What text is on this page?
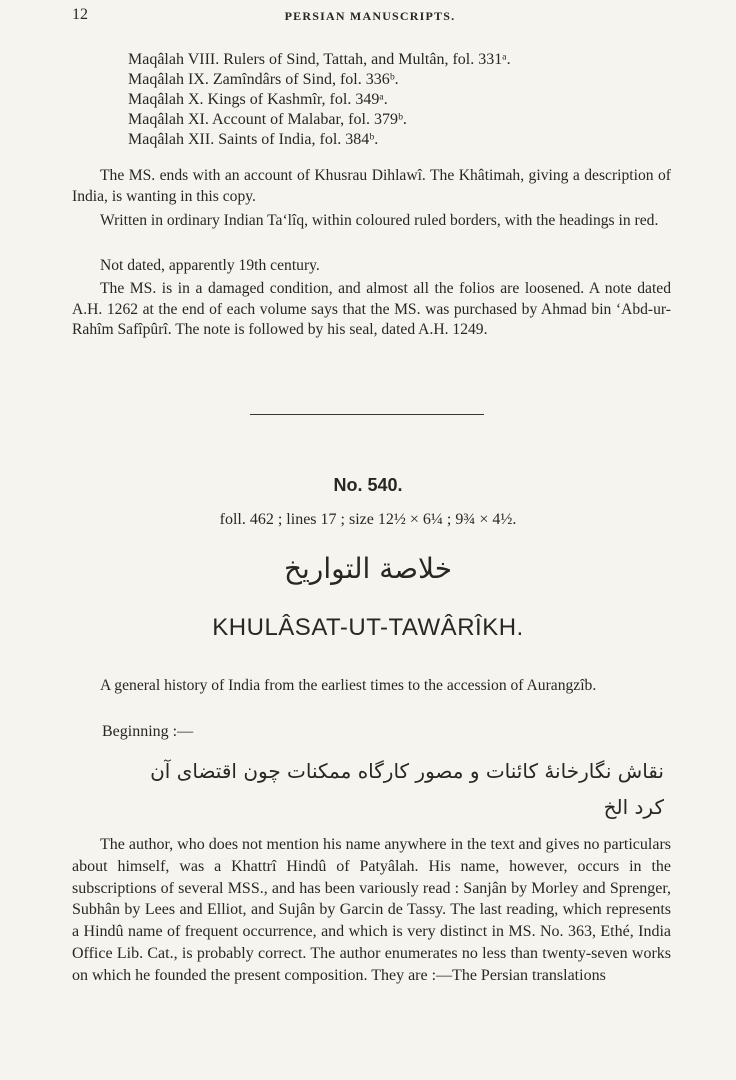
12	PERSIAN MANUSCRIPTS.
Maqâlah VIII. Rulers of Sind, Tattah, and Multân, fol. 331ᵃ.
Maqâlah IX. Zamîndârs of Sind, fol. 336ᵇ.
Maqâlah X. Kings of Kashmîr, fol. 349ᵃ.
Maqâlah XI. Account of Malabar, fol. 379ᵇ.
Maqâlah XII. Saints of India, fol. 384ᵇ.

The MS. ends with an account of Khusrau Dihlawî. The Khâtimah, giving a description of India, is wanting in this copy.

Written in ordinary Indian Ta‘lîq, within coloured ruled borders, with the headings in red.

Not dated, apparently 19th century.

The MS. is in a damaged condition, and almost all the folios are loosened. A note dated A.H. 1262 at the end of each volume says that the MS. was purchased by Ahmad bin ‘Abd-ur-Rahîm Safîpûrî. The note is followed by his seal, dated A.H. 1249.

No. 540.
foll. 462 ; lines 17 ; size 12½ × 6¼ ; 9¾ × 4½.
خلاصة التواريخ
KHULÂSAT-UT-TAWÂRÎKH.

A general history of India from the earliest times to the accession of Aurangzîb.

Beginning :—
نقاش نگارخانهٔ کائنات و مصور کارگاه ممکنات چون اقتضای آن
کرد الخ

The author, who does not mention his name anywhere in the text and gives no particulars about himself, was a Khattrî Hindû of Patyâlah. His name, however, occurs in the subscriptions of several MSS., and has been variously read : Sanjân by Morley and Sprenger, Subhân by Lees and Elliot, and Sujân by Garcin de Tassy. The last reading, which represents a Hindû name of frequent occurrence, and which is very distinct in MS. No. 363, Ethé, India Office Lib. Cat., is probably correct. The author enumerates no less than twenty-seven works on which he founded the present composition. They are :—The Persian translations
